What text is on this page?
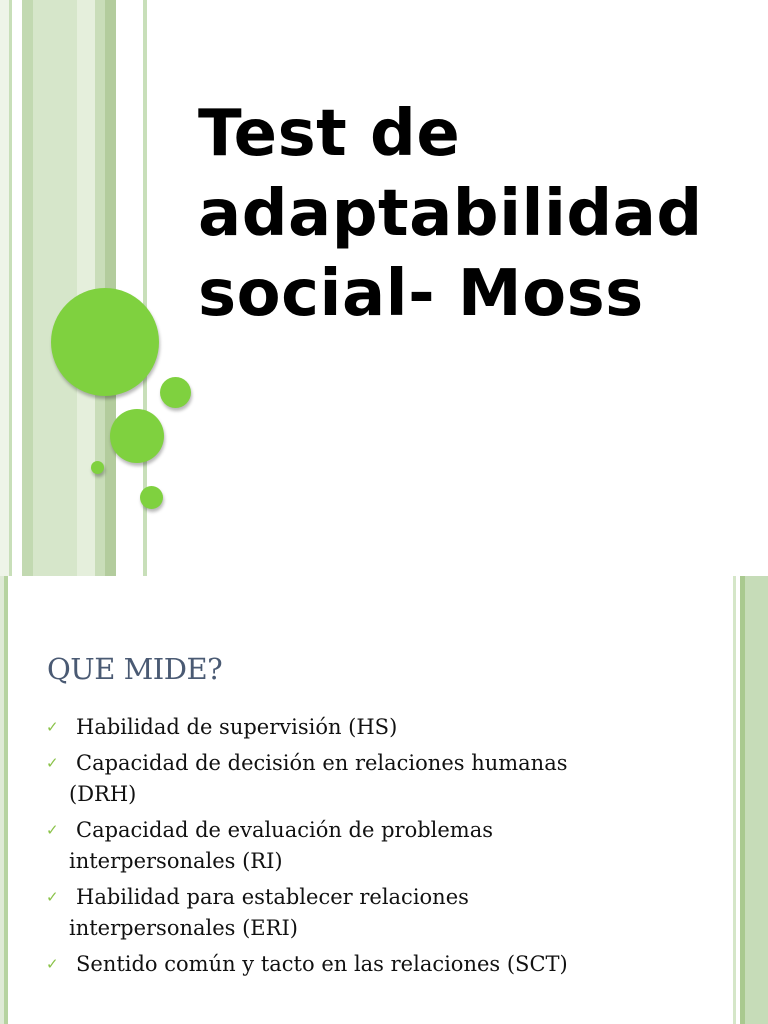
Test de
adaptabilidad
social- Moss
QUE MIDE?
✓ Habilidad de supervisión (HS)
✓ Capacidad de decisión en relaciones humanas
(DRH)
✓ Capacidad de evaluación de problemas
interpersonales (RI)
✓ Habilidad para establecer relaciones
interpersonales (ERI)
✓ Sentido común y tacto en las relaciones (SCT)
